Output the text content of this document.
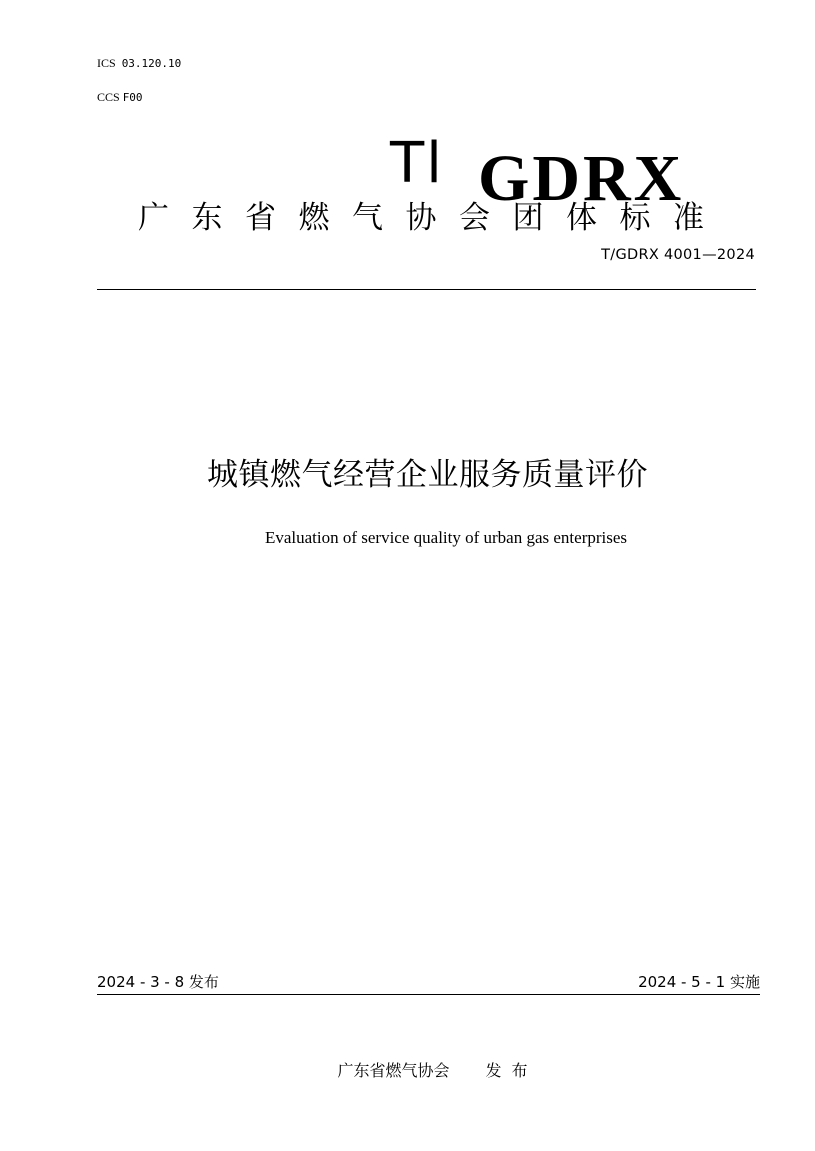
ICS 03.120.10
CCS F00
Tl GDRX
广东省燃气协会团体标准
T/GDRX 4001—2024
城镇燃气经营企业服务质量评价
Evaluation of service quality of urban gas enterprises
2024 - 3 - 8 发布	2024 - 5 - 1 实施
广东省燃气协会 发布
